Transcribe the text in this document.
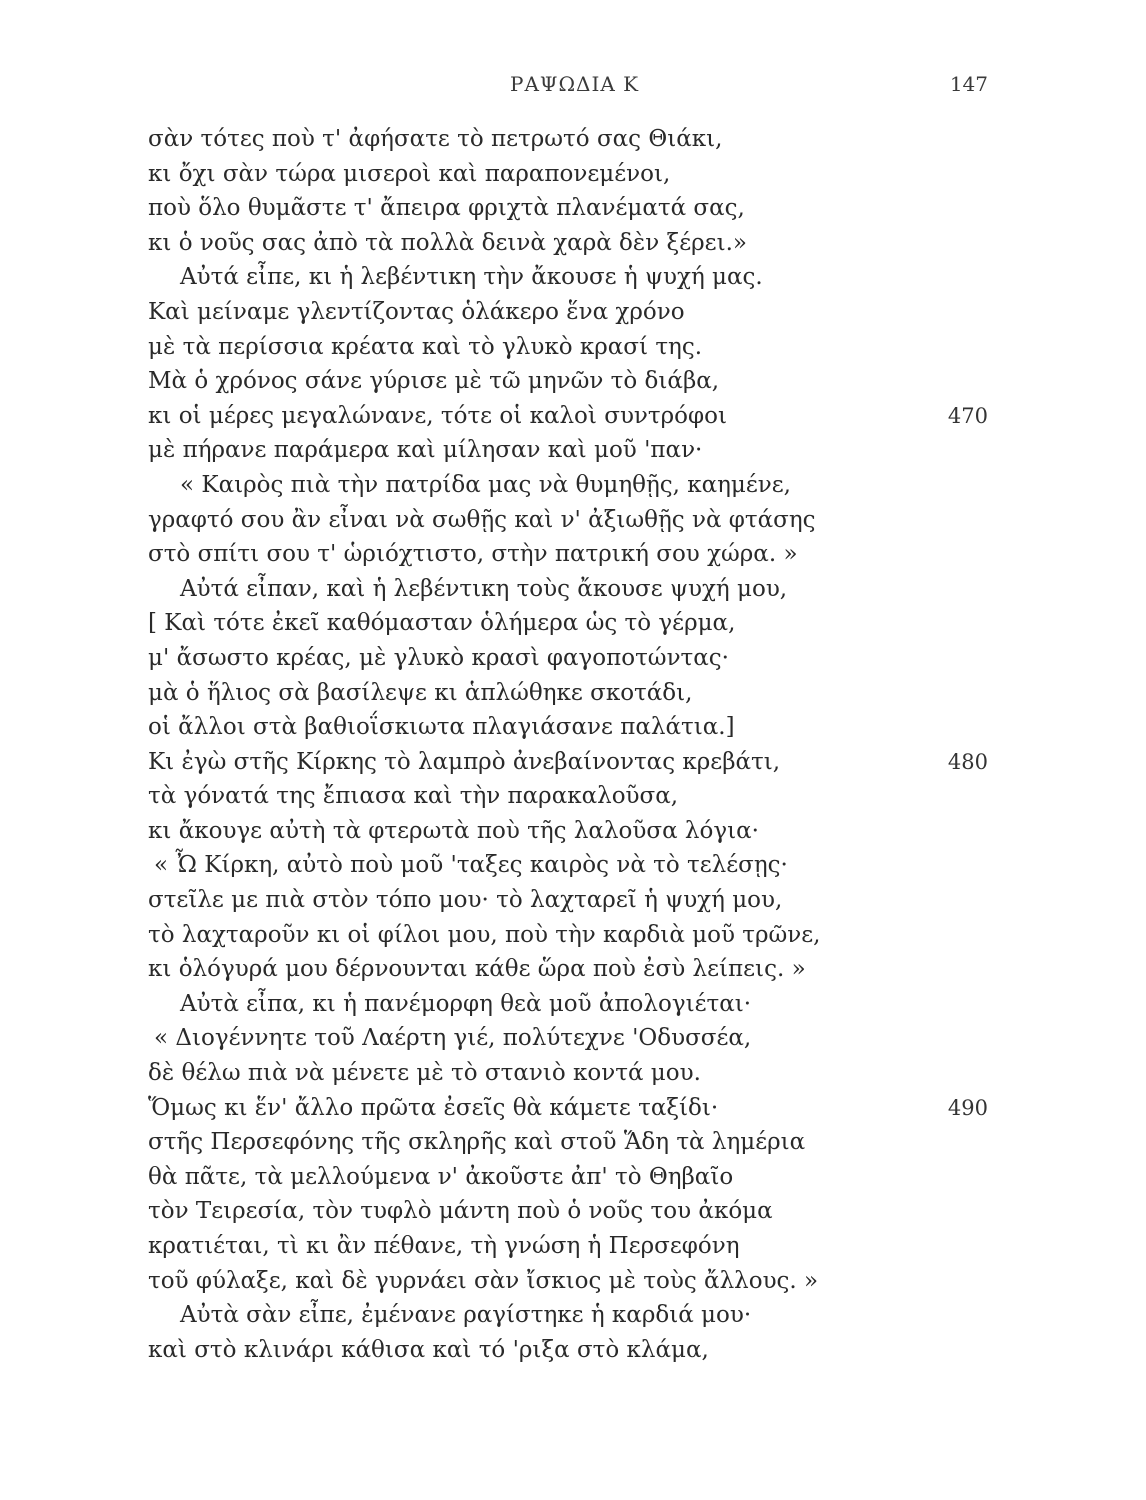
ΡΑΨΩΔΙΑ Κ	147
σὰν τότες ποὺ τ' ἀφήσατε τὸ πετρωτό σας Θιάκι,
κι ὄχι σὰν τώρα μισεροὶ καὶ παραπονεμένοι,
ποὺ ὅλο θυμᾶστε τ' ἄπειρα φριχτὰ πλανέματά σας,
κι ὁ νοῦς σας ἀπὸ τὰ πολλὰ δεινὰ χαρὰ δὲν ξέρει.»
Αὐτά εἶπε, κι ἡ λεβέντικη τὴν ἄκουσε ἡ ψυχή μας.
Καὶ μείναμε γλεντίζοντας ὁλάκερο ἕνα χρόνο
μὲ τὰ περίσσια κρέατα καὶ τὸ γλυκὸ κρασί της.
Μὰ ὁ χρόνος σάνε γύρισε μὲ τῶ μηνῶν τὸ διάβα,
κι οἱ μέρες μεγαλώνανε, τότε οἱ καλοὶ συντρόφοι	470
μὲ πήρανε παράμερα καὶ μίλησαν καὶ μοῦ 'παν·
« Καιρὸς πιὰ τὴν πατρίδα μας νὰ θυμηθῇς, καημένε,
γραφτό σου ἂν εἶναι νὰ σωθῇς καὶ ν' ἀξιωθῇς νὰ φτάσης
στὸ σπίτι σου τ' ὡριόχτιστο, στὴν πατρική σου χώρα. »
Αὐτά εἶπαν, καὶ ἡ λεβέντικη τοὺς ἄκουσε ψυχή μου,
[ Καὶ τότε ἐκεῖ καθόμασταν ὁλήμερα ὡς τὸ γέρμα,
μ' ἄσωστο κρέας, μὲ γλυκὸ κρασὶ φαγοποτώντας·
μὰ ὁ ἥλιος σὰ βασίλεψε κι ἁπλώθηκε σκοτάδι,
οἱ ἄλλοι στὰ βαθιοΐσκιωτα πλαγιάσανε παλάτια.]
Κι ἐγὼ στῆς Κίρκης τὸ λαμπρὸ ἀνεβαίνοντας κρεβάτι,	480
τὰ γόνατά της ἔπιασα καὶ τὴν παρακαλοῦσα,
κι ἄκουγε αὐτὴ τὰ φτερωτὰ ποὺ τῆς λαλοῦσα λόγια·
« Ὦ Κίρκη, αὐτὸ ποὺ μοῦ 'ταξες καιρὸς νὰ τὸ τελέσῃς·
στεῖλε με πιὰ στὸν τόπο μου· τὸ λαχταρεῖ ἡ ψυχή μου,
τὸ λαχταροῦν κι οἱ φίλοι μου, ποὺ τὴν καρδιὰ μοῦ τρῶνε,
κι ὁλόγυρά μου δέρνουνται κάθε ὥρα ποὺ ἐσὺ λείπεις. »
Αὐτὰ εἶπα, κι ἡ πανέμορφη θεὰ μοῦ ἀπολογιέται·
« Διογέννητε τοῦ Λαέρτη γιέ, πολύτεχνε 'Οδυσσέα,
δὲ θέλω πιὰ νὰ μένετε μὲ τὸ στανιὸ κοντά μου.
Ὅμως κι ἕν' ἄλλο πρῶτα ἐσεῖς θὰ κάμετε ταξίδι·	490
στῆς Περσεφόνης τῆς σκληρῆς καὶ στοῦ Ἅδη τὰ λημέρια
θὰ πᾶτε, τὰ μελλούμενα ν' ἀκοῦστε ἀπ' τὸ Θηβαῖο
τὸν Τειρεσία, τὸν τυφλὸ μάντη ποὺ ὁ νοῦς του ἀκόμα
κρατιέται, τὶ κι ἂν πέθανε, τὴ γνώση ἡ Περσεφόνη
τοῦ φύλαξε, καὶ δὲ γυρνάει σὰν ἴσκιος μὲ τοὺς ἄλλους. »
Αὐτὰ σὰν εἶπε, ἐμένανε ραγίστηκε ἡ καρδιά μου·
καὶ στὸ κλινάρι κάθισα καὶ τό 'ριξα στὸ κλάμα,
